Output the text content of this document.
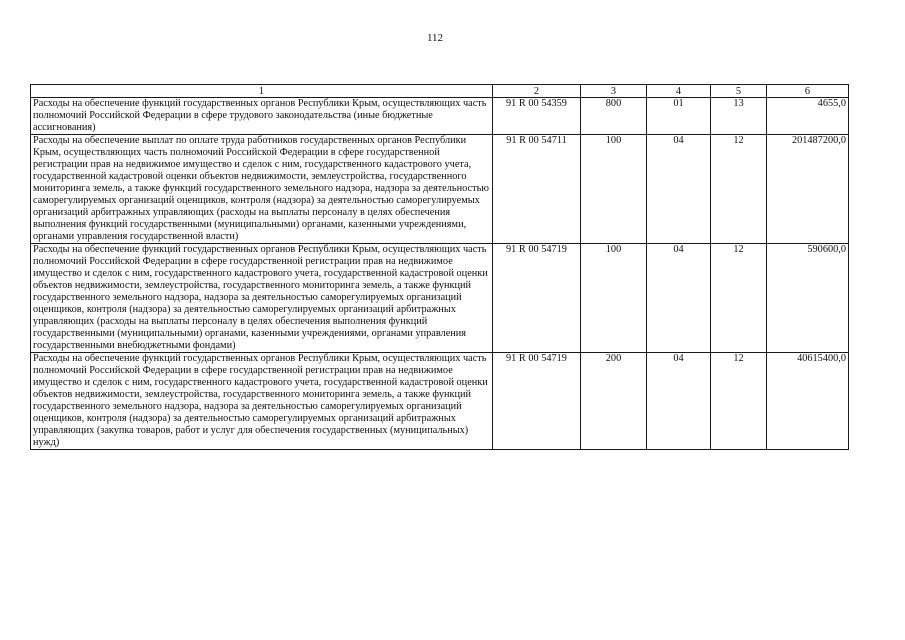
112
1	2	3	4	5	6
Расходы на обеспечение функций государственных органов Республики Крым, осуществляющих часть полномочий Российской Федерации в сфере трудового законодательства (иные бюджетные ассигнования)	91 R 00 54359	800	01	13	4655,0
Расходы на обеспечение выплат по оплате труда работников государственных органов Республики Крым, осуществляющих часть полномочий Российской Федерации в сфере государственной регистрации прав на недвижимое имущество и сделок с ним, государственного кадастрового учета, государственной кадастровой оценки объектов недвижимости, землеустройства, государственного мониторинга земель, а также функций государственного земельного надзора, надзора за деятельностью саморегулируемых организаций оценщиков, контроля (надзора) за деятельностью саморегулируемых организаций арбитражных управляющих (расходы на выплаты персоналу в целях обеспечения выполнения функций государственными (муниципальными) органами, казенными учреждениями, органами управления государственной власти)	91 R 00 54711	100	04	12	201487200,0
Расходы на обеспечение функций государственных органов Республики Крым, осуществляющих часть полномочий Российской Федерации в сфере государственной регистрации прав на недвижимое имущество и сделок с ним, государственного кадастрового учета, государственной кадастровой оценки объектов недвижимости, землеустройства, государственного мониторинга земель, а также функций государственного земельного надзора, надзора за деятельностью саморегулируемых организаций оценщиков, контроля (надзора) за деятельностью саморегулируемых организаций арбитражных управляющих (расходы на выплаты персоналу в целях обеспечения выполнения функций государственными (муниципальными) органами, казенными учреждениями, органами управления государственными внебюджетными фондами)	91 R 00 54719	100	04	12	590600,0
Расходы на обеспечение функций государственных органов Республики Крым, осуществляющих часть полномочий Российской Федерации в сфере государственной регистрации прав на недвижимое имущество и сделок с ним, государственного кадастрового учета, государственной кадастровой оценки объектов недвижимости, землеустройства, государственного мониторинга земель, а также функций государственного земельного надзора, надзора за деятельностью саморегулируемых организаций оценщиков, контроля (надзора) за деятельностью саморегулируемых организаций арбитражных управляющих (закупка товаров, работ и услуг для обеспечения государственных (муниципальных) нужд)	91 R 00 54719	200	04	12	40615400,0
